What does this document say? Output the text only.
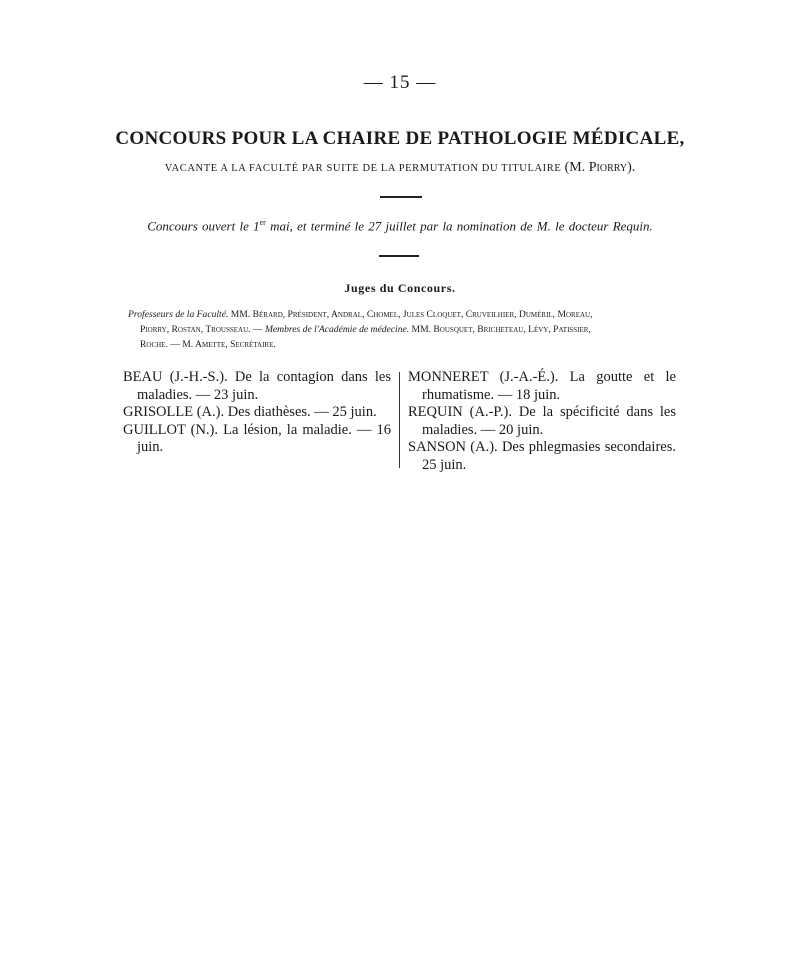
— 15 —
CONCOURS POUR LA CHAIRE DE PATHOLOGIE MÉDICALE,
VACANTE A LA FACULTÉ PAR SUITE DE LA PERMUTATION DU TITULAIRE (M. Piorry).
Concours ouvert le 1er mai, et terminé le 27 juillet par la nomination de M. le docteur Requin.
Juges du Concours.
Professeurs de la Faculté. MM. Bérard, Président, Andral, Chomel, Jules Cloquet, Cruveilhier, Duméril, Moreau,
Piorry, Rostan, Trousseau. — Membres de l'Académie de médecine. MM. Bousquet, Bricheteau, Lévy, Patissier,
Roche. — M. Amette, Secrétaire.

BEAU (J.-H.-S.). De la contagion dans les maladies. — 23 juin.

GRISOLLE (A.). Des diathèses. — 25 juin.

GUILLOT (N.). La lésion, la maladie. — 16 juin.

MONNERET (J.-A.-É.). La goutte et le rhumatisme. — 18 juin.

REQUIN (A.-P.). De la spécificité dans les maladies. — 20 juin.

SANSON (A.). Des phlegmasies secondaires. 25 juin.
